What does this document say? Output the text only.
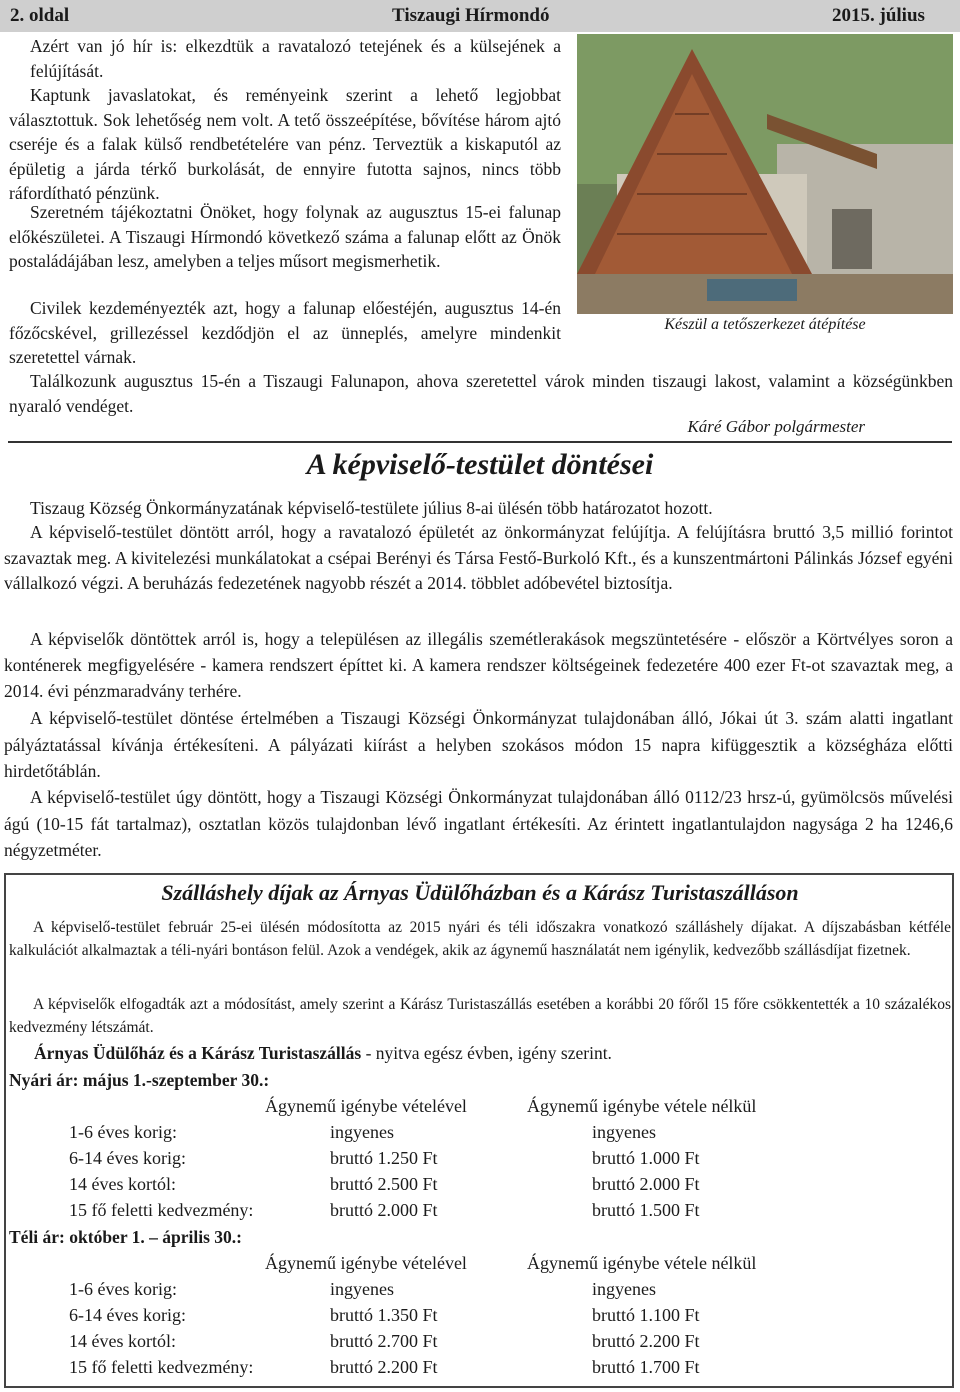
2. oldal	Tiszaugi Hírmondó	2015. július
Azért van jó hír is: elkezdtük a ravatalozó tetejének és a külsejének a felújítását.
Kaptunk javaslatokat, és reményeink szerint a lehető legjobbat választottuk. Sok lehetőség nem volt. A tető összeépítése, bővítése három ajtó cseréje és a falak külső rendbetételére van pénz. Terveztük a kiskaputól az épületig a járda térkő burkolását, de ennyire futotta sajnos, nincs több ráfordítható pénzünk.
Szeretném tájékoztatni Önöket, hogy folynak az augusztus 15-ei falunap előkészületei. A Tiszaugi Hírmondó következő száma a falunap előtt az Önök postaládájában lesz, amelyben a teljes műsort megismerhetik.
Civilek kezdeményezték azt, hogy a falunap előestéjén, augusztus 14-én főzőcskével, grillezéssel kezdődjön el az ünneplés, amelyre mindenkit szeretettel várnak.
Találkozunk augusztus 15-én a Tiszaugi Falunapon, ahova szeretettel várok minden tiszaugi lakost, valamint a községünkben nyaraló vendéget.
Készül a tetőszerkezet átépítése
Káré Gábor polgármester
A képviselő-testület döntései
Tiszaug Község Önkormányzatának képviselő-testülete július 8-ai ülésén több határozatot hozott.
A képviselő-testület döntött arról, hogy a ravatalozó épületét az önkormányzat felújítja. A felújításra bruttó 3,5 millió forintot szavaztak meg. A kivitelezési munkálatokat a csépai Berényi és Társa Festő-Burkoló Kft., és a kunszentmártoni Pálinkás József egyéni vállalkozó végzi. A beruházás fedezetének nagyobb részét a 2014. többlet adóbevétel biztosítja.
A képviselők döntöttek arról is, hogy a településen az illegális szemétlerakások megszüntetésére - először a Körtvélyes soron a konténerek megfigyelésére - kamera rendszert építtet ki. A kamera rendszer költségeinek fedezetére 400 ezer Ft-ot szavaztak meg, a 2014. évi pénzmaradvány terhére.
A képviselő-testület döntése értelmében a Tiszaugi Községi Önkormányzat tulajdonában álló, Jókai út 3. szám alatti ingatlant pályáztatással kívánja értékesíteni. A pályázati kiírást a helyben szokásos módon 15 napra kifüggesztik a községháza előtti hirdetőtáblán.
A képviselő-testület úgy döntött, hogy a Tiszaugi Községi Önkormányzat tulajdonában álló 0112/23 hrsz-ú, gyümölcsös művelési ágú (10-15 fát tartalmaz), osztatlan közös tulajdonban lévő ingatlant értékesíti. Az érintett ingatlantulajdon nagysága 2 ha 1246,6 négyzetméter.
Szálláshely díjak az Árnyas Üdülőházban és a Kárász Turistaszálláson
A képviselő-testület február 25-ei ülésén módosította az 2015 nyári és téli időszakra vonatkozó szálláshely díjakat. A díjszabásban kétféle kalkulációt alkalmaztak a téli-nyári bontáson felül. Azok a vendégek, akik az ágynemű használatát nem igénylik, kedvezőbb szállásdíjat fizetnek.
A képviselők elfogadták azt a módosítást, amely szerint a Kárász Turistaszállás esetében a korábbi 20 főről 15 főre csökkentették a 10 százalékos kedvezmény létszámát.
Árnyas Üdülőház és a Kárász Turistaszállás - nyitva egész évben, igény szerint.
Nyári ár: május 1.-szeptember 30.:
Ágynemű igénybe vételével	Ágynemű igénybe vétele nélkül
1-6 éves korig:	ingyenes	ingyenes
6-14 éves korig:	bruttó 1.250 Ft	bruttó 1.000 Ft
14 éves kortól:	bruttó 2.500 Ft	bruttó 2.000 Ft
15 fő feletti kedvezmény:	bruttó 2.000 Ft	bruttó 1.500 Ft
Téli ár: október 1. – április 30.:
Ágynemű igénybe vételével	Ágynemű igénybe vétele nélkül
1-6 éves korig:	ingyenes	ingyenes
6-14 éves korig:	bruttó 1.350 Ft	bruttó 1.100 Ft
14 éves kortól:	bruttó 2.700 Ft	bruttó 2.200 Ft
15 fő feletti kedvezmény:	bruttó 2.200 Ft	bruttó 1.700 Ft
